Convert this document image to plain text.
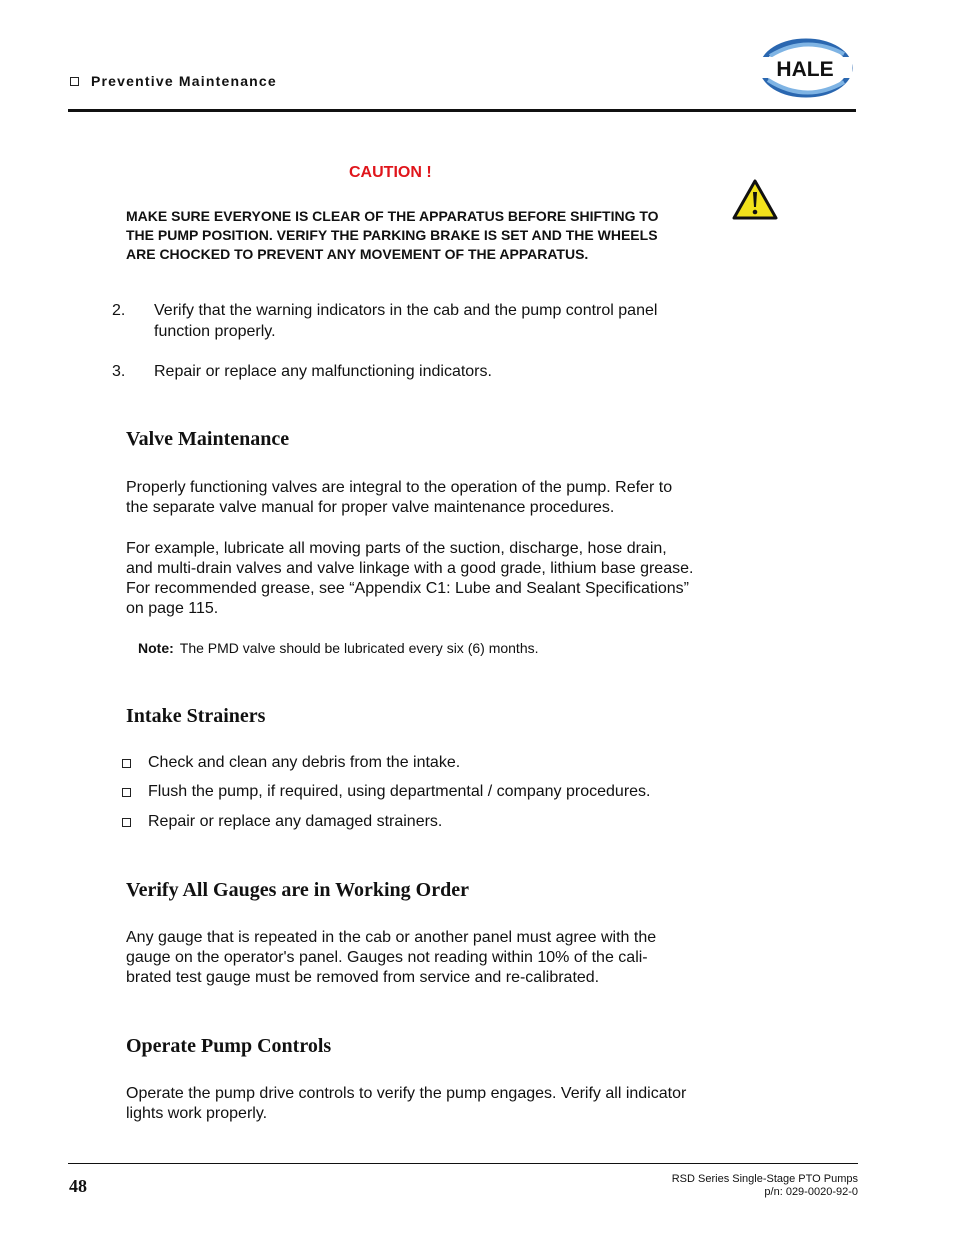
Preventive Maintenance	HALE
CAUTION !
MAKE SURE EVERYONE IS CLEAR OF THE APPARATUS BEFORE SHIFTING TO
THE PUMP POSITION. VERIFY THE PARKING BRAKE IS SET AND THE WHEELS
ARE CHOCKED TO PREVENT ANY MOVEMENT OF THE APPARATUS.
2. Verify that the warning indicators in the cab and the pump control panel
function properly.
3. Repair or replace any malfunctioning indicators.
Valve Maintenance
Properly functioning valves are integral to the operation of the pump. Refer to
the separate valve manual for proper valve maintenance procedures.
For example, lubricate all moving parts of the suction, discharge, hose drain,
and multi-drain valves and valve linkage with a good grade, lithium base grease.
For recommended grease, see “Appendix C1: Lube and Sealant Specifications”
on page 115.
Note: The PMD valve should be lubricated every six (6) months.
Intake Strainers
Check and clean any debris from the intake.
Flush the pump, if required, using departmental / company procedures.
Repair or replace any damaged strainers.
Verify All Gauges are in Working Order
Any gauge that is repeated in the cab or another panel must agree with the
gauge on the operator's panel. Gauges not reading within 10% of the cali-
brated test gauge must be removed from service and re-calibrated.
Operate Pump Controls
Operate the pump drive controls to verify the pump engages. Verify all indicator
lights work properly.
48	RSD Series Single-Stage PTO Pumps
p/n: 029-0020-92-0
